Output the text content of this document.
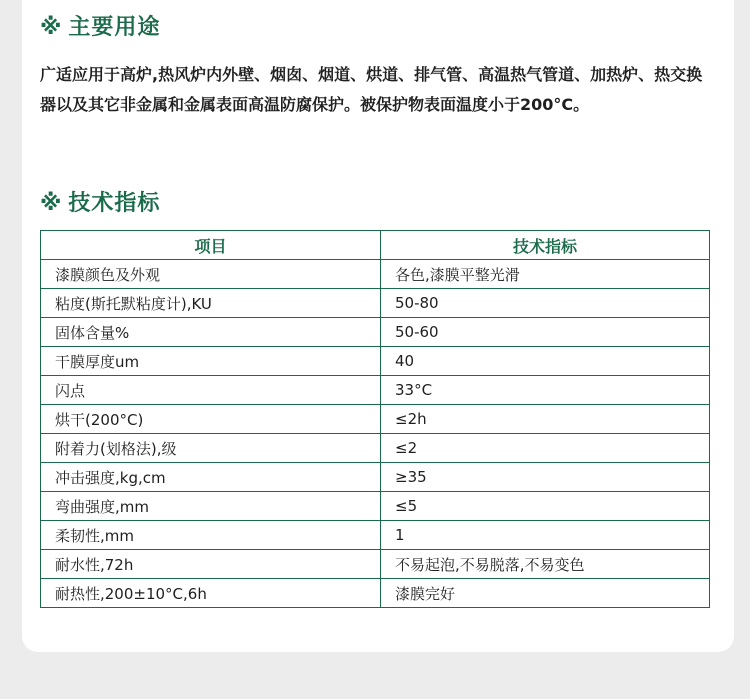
※ 主要用途

广适应用于高炉,热风炉内外壁、烟囱、烟道、烘道、排气管、高温热气管道、加热炉、热交换器以及其它非金属和金属表面高温防腐保护。被保护物表面温度小于200°C。

※ 技术指标
项目	技术指标
漆膜颜色及外观	各色,漆膜平整光滑
粘度(斯托默粘度计),KU	50-80
固体含量%	50-60
干膜厚度um	40
闪点	33°C
烘干(200°C)	≤2h
附着力(划格法),级	≤2
冲击强度,kg,cm	≥35
弯曲强度,mm	≤5
柔韧性,mm	1
耐水性,72h	不易起泡,不易脱落,不易变色
耐热性,200±10°C,6h	漆膜完好
